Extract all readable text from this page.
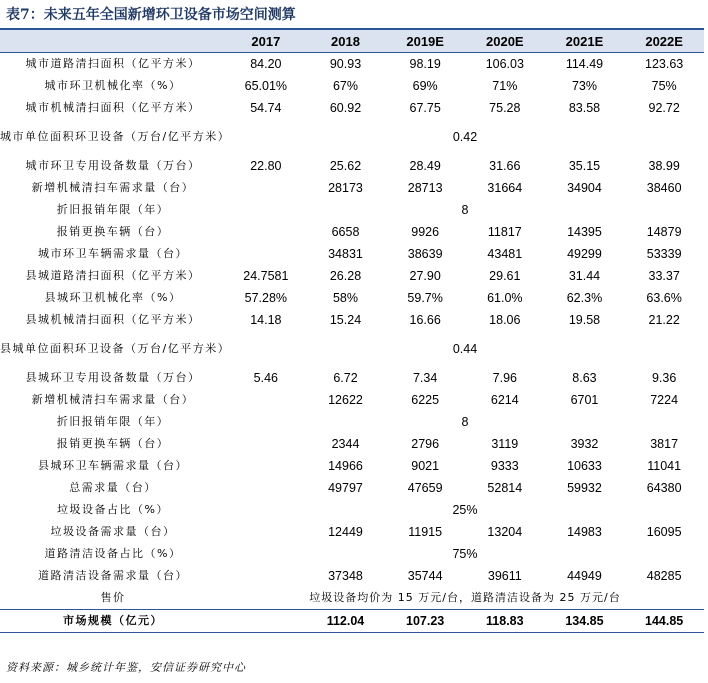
表7：未来五年全国新增环卫设备市场空间测算
	2017	2018	2019E	2020E	2021E	2022E
城市道路清扫面积（亿平方米）	84.20	90.93	98.19	106.03	114.49	123.63
城市环卫机械化率（%）	65.01%	67%	69%	71%	73%	75%
城市机械清扫面积（亿平方米）	54.74	60.92	67.75	75.28	83.58	92.72
城市单位面积环卫设备（万台/亿平方米）	0.42					
城市环卫专用设备数量（万台）	22.80	25.62	28.49	31.66	35.15	38.99
新增机械清扫车需求量（台）		28173	28713	31664	34904	38460
折旧报销年限（年）	8					
报销更换车辆（台）		6658	9926	11817	14395	14879
城市环卫车辆需求量（台）		34831	38639	43481	49299	53339
县城道路清扫面积（亿平方米）	24.7581	26.28	27.90	29.61	31.44	33.37
县城环卫机械化率（%）	57.28%	58%	59.7%	61.0%	62.3%	63.6%
县城机械清扫面积（亿平方米）	14.18	15.24	16.66	18.06	19.58	21.22
县城单位面积环卫设备（万台/亿平方米）	0.44					
县城环卫专用设备数量（万台）	5.46	6.72	7.34	7.96	8.63	9.36
新增机械清扫车需求量（台）		12622	6225	6214	6701	7224
折旧报销年限（年）	8					
报销更换车辆（台）		2344	2796	3119	3932	3817
县城环卫车辆需求量（台）		14966	9021	9333	10633	11041
总需求量（台）		49797	47659	52814	59932	64380
垃圾设备占比（%）	25%					
垃圾设备需求量（台）		12449	11915	13204	14983	16095
道路清洁设备占比（%）	75%					
道路清洁设备需求量（台）		37348	35744	39611	44949	48285
售价	垃圾设备均价为 15 万元/台，道路清洁设备为 25 万元/台					
市场规模（亿元）		112.04	107.23	118.83	134.85	144.85
资料来源：城乡统计年鉴，安信证券研究中心
